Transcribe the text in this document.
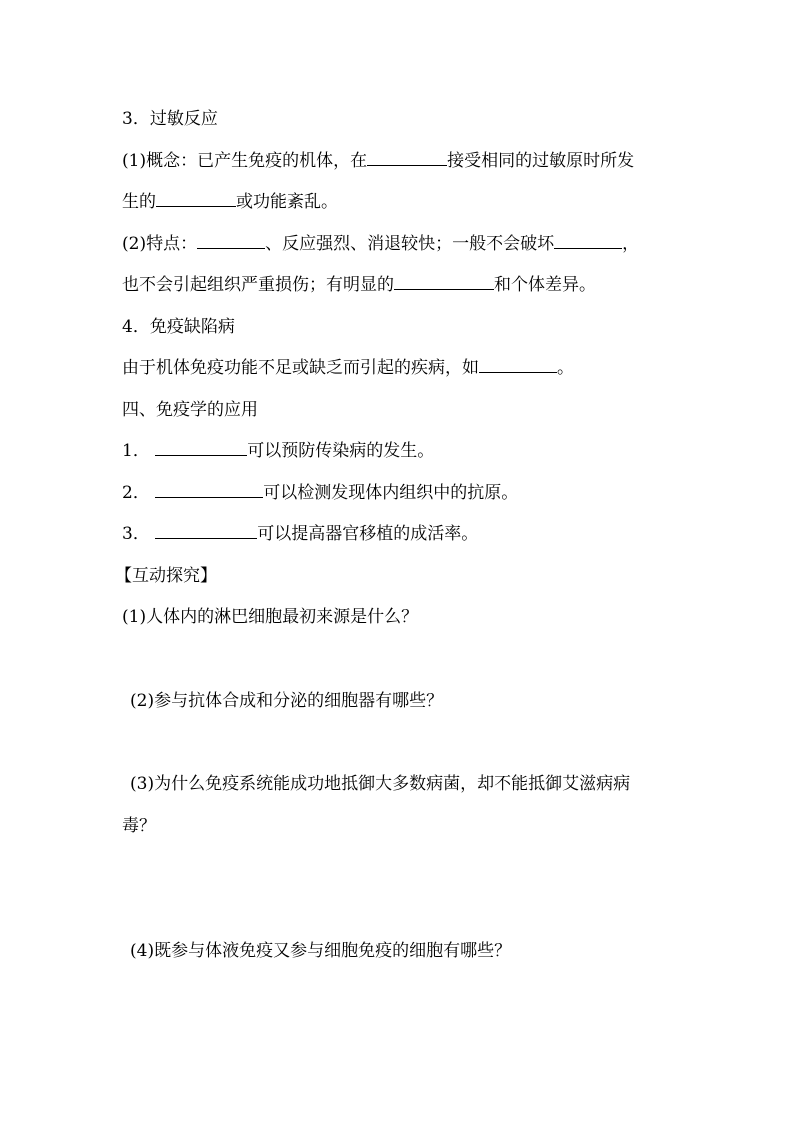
3．过敏反应

(1)概念：已产生免疫的机体，在	接受相同的过敏原时所发

生的	或功能紊乱。

(2)特点：	、反应强烈、消退较快；一般不会破坏	，

也不会引起组织严重损伤；有明显的	和个体差异。

4．免疫缺陷病

由于机体免疫功能不足或缺乏而引起的疾病，如	。

四、免疫学的应用

1．	可以预防传染病的发生。

2．	可以检测发现体内组织中的抗原。

3．	可以提高器官移植的成活率。

【互动探究】

(1)人体内的淋巴细胞最初来源是什么？

(2)参与抗体合成和分泌的细胞器有哪些？

(3)为什么免疫系统能成功地抵御大多数病菌，却不能抵御艾滋病病

毒？

(4)既参与体液免疫又参与细胞免疫的细胞有哪些？
